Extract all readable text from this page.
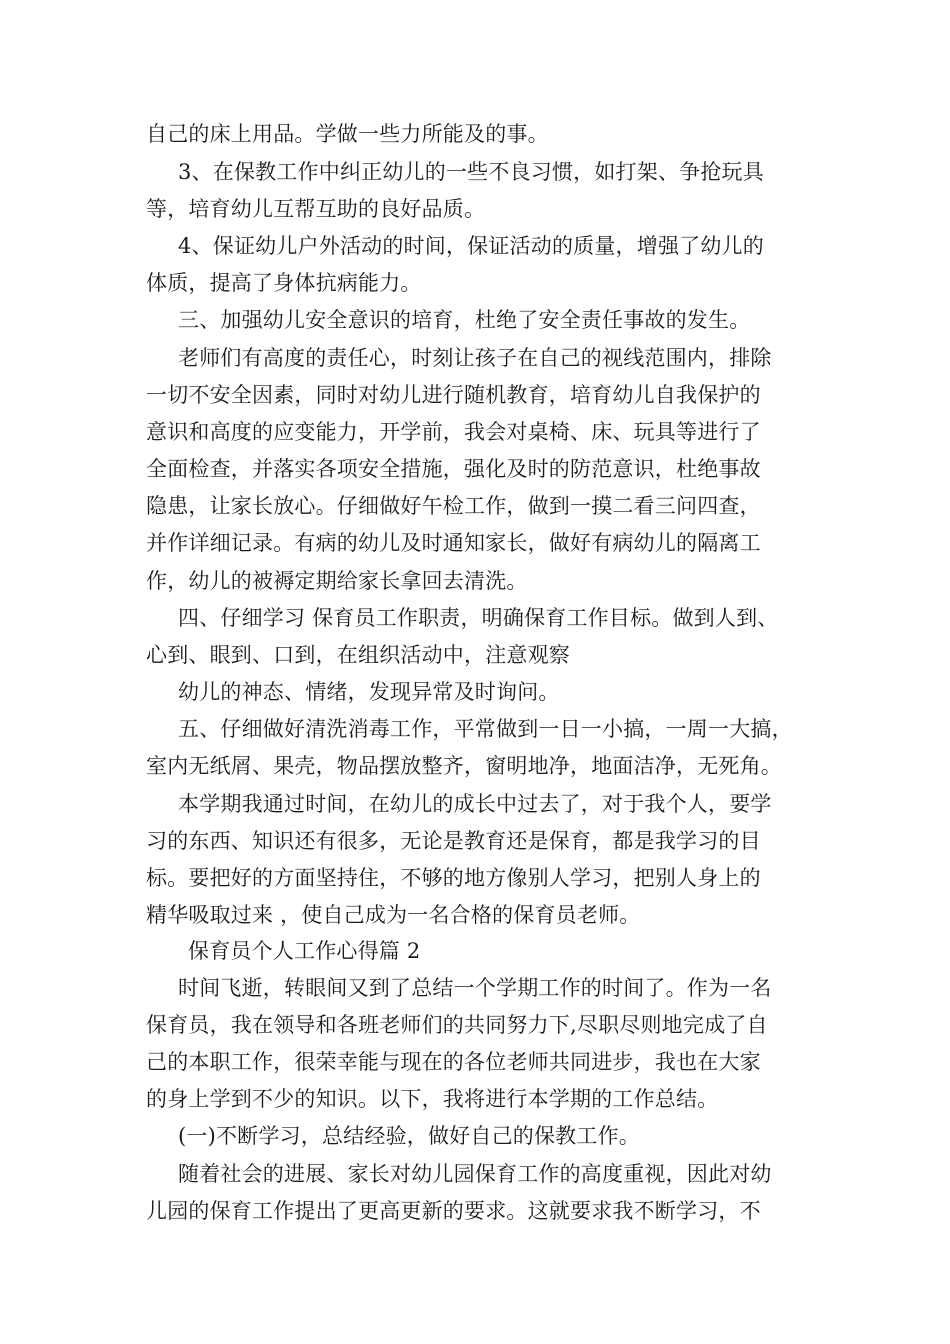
自己的床上用品。学做一些力所能及的事。
3、在保教工作中纠正幼儿的一些不良习惯，如打架、争抢玩具
等，培育幼儿互帮互助的良好品质。
4、保证幼儿户外活动的时间，保证活动的质量，增强了幼儿的
体质，提高了身体抗病能力。
三、加强幼儿安全意识的培育，杜绝了安全责任事故的发生。
老师们有高度的责任心，时刻让孩子在自己的视线范围内，排除
一切不安全因素，同时对幼儿进行随机教育，培育幼儿自我保护的
意识和高度的应变能力，开学前，我会对桌椅、床、玩具等进行了
全面检查，并落实各项安全措施，强化及时的防范意识，杜绝事故
隐患，让家长放心。仔细做好午检工作，做到一摸二看三问四查，
并作详细记录。有病的幼儿及时通知家长，做好有病幼儿的隔离工
作，幼儿的被褥定期给家长拿回去清洗。
四、仔细学习 保育员工作职责，明确保育工作目标。做到人到、
心到、眼到、口到，在组织活动中，注意观察
幼儿的神态、情绪，发现异常及时询问。
五、仔细做好清洗消毒工作，平常做到一日一小搞，一周一大搞，
室内无纸屑、果壳，物品摆放整齐，窗明地净，地面洁净，无死角。
本学期我通过时间，在幼儿的成长中过去了，对于我个人，要学
习的东西、知识还有很多，无论是教育还是保育，都是我学习的目
标。要把好的方面坚持住，不够的地方像别人学习，把别人身上的
精华吸取过来 ，使自己成为一名合格的保育员老师。
保育员个人工作心得篇 2
时间飞逝，转眼间又到了总结一个学期工作的时间了。作为一名
保育员，我在领导和各班老师们的共同努力下,尽职尽则地完成了自
己的本职工作，很荣幸能与现在的各位老师共同进步，我也在大家
的身上学到不少的知识。以下，我将进行本学期的工作总结。
(一)不断学习，总结经验，做好自己的保教工作。
随着社会的进展、家长对幼儿园保育工作的高度重视，因此对幼
儿园的保育工作提出了更高更新的要求。这就要求我不断学习，不
